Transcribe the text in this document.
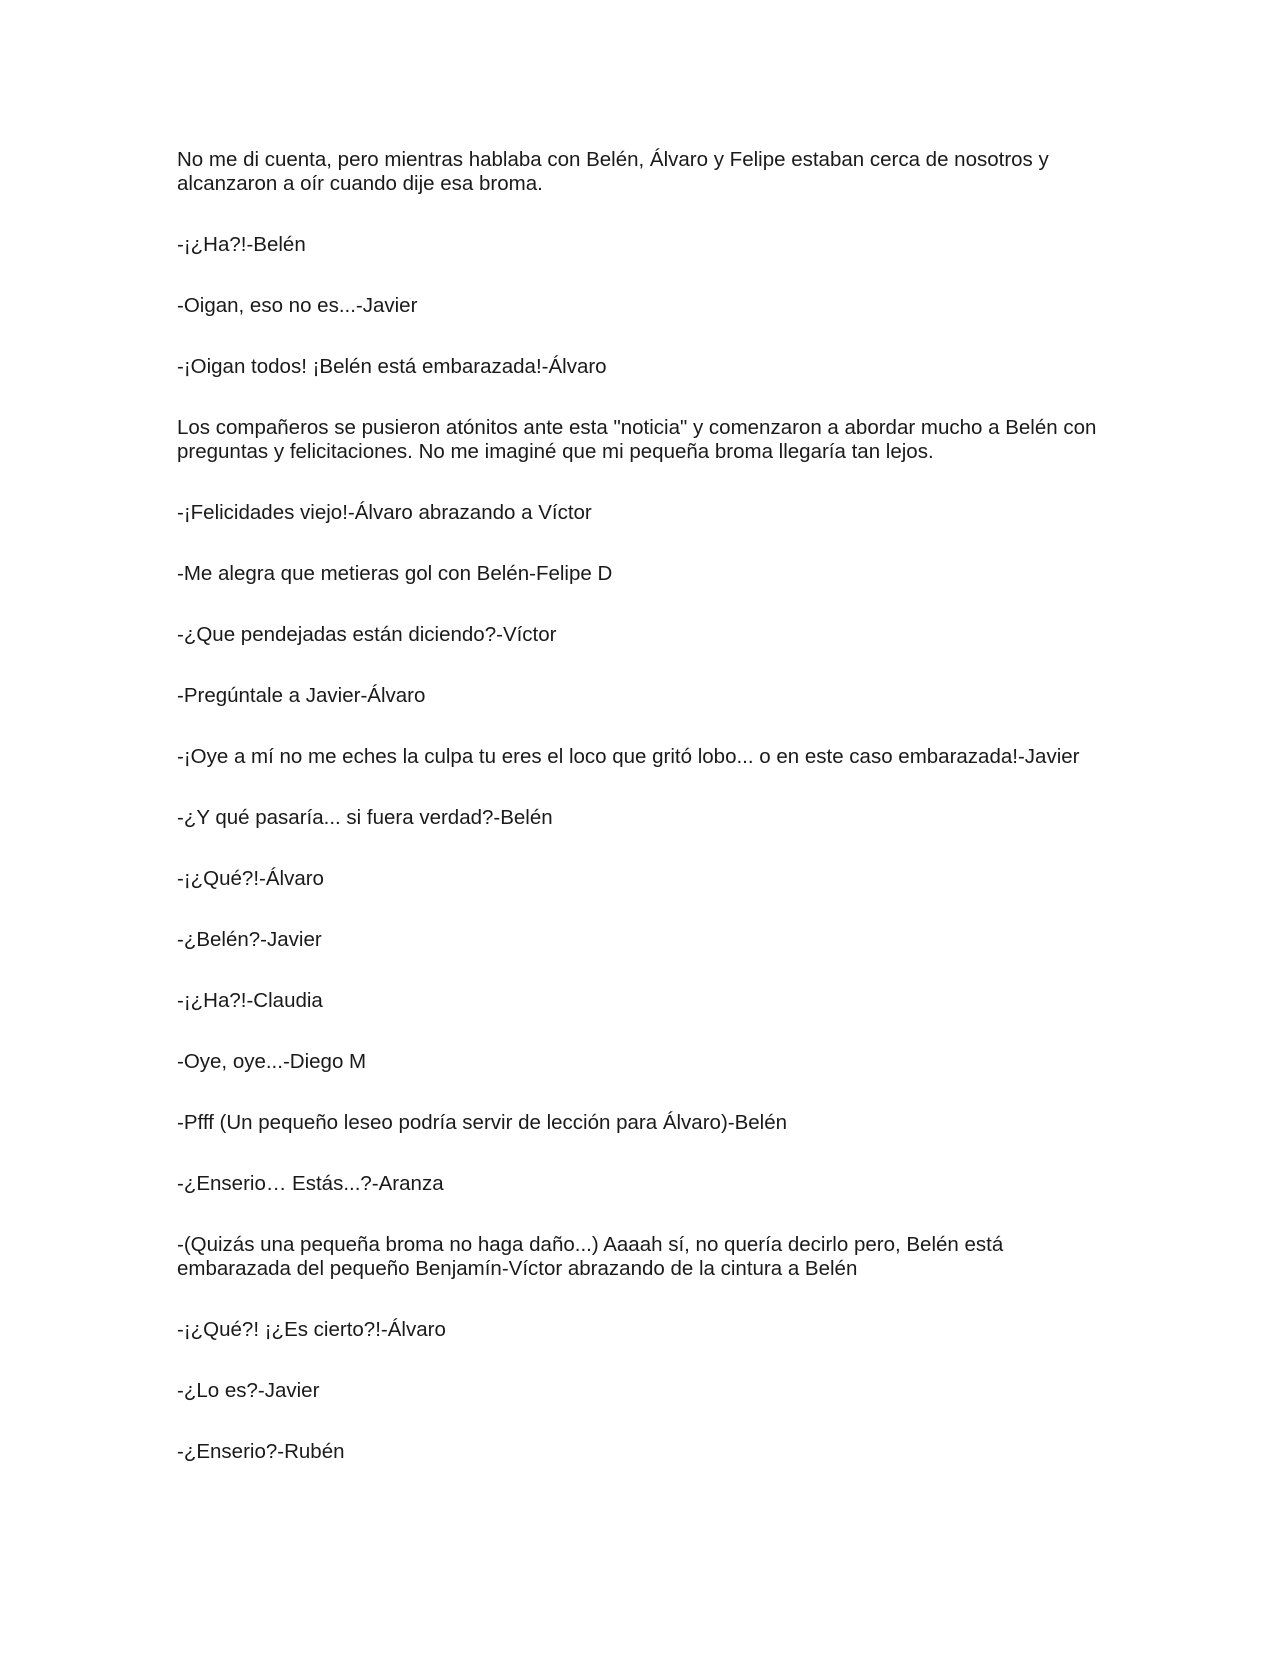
No me di cuenta, pero mientras hablaba con Belén, Álvaro y Felipe estaban cerca de nosotros y alcanzaron a oír cuando dije esa broma.

-¡¿Ha?!-Belén

-Oigan, eso no es...-Javier

-¡Oigan todos! ¡Belén está embarazada!-Álvaro

Los compañeros se pusieron atónitos ante esta "noticia" y comenzaron a abordar mucho a Belén con preguntas y felicitaciones. No me imaginé que mi pequeña broma llegaría tan lejos.

-¡Felicidades viejo!-Álvaro abrazando a Víctor

-Me alegra que metieras gol con Belén-Felipe D

-¿Que pendejadas están diciendo?-Víctor

-Pregúntale a Javier-Álvaro

-¡Oye a mí no me eches la culpa tu eres el loco que gritó lobo... o en este caso embarazada!-Javier

-¿Y qué pasaría... si fuera verdad?-Belén

-¡¿Qué?!-Álvaro

-¿Belén?-Javier

-¡¿Ha?!-Claudia

-Oye, oye...-Diego M

-Pfff (Un pequeño leseo podría servir de lección para Álvaro)-Belén

-¿Enserio… Estás...?-Aranza

-(Quizás una pequeña broma no haga daño...) Aaaah sí, no quería decirlo pero, Belén está embarazada del pequeño Benjamín-Víctor abrazando de la cintura a Belén

-¡¿Qué?! ¡¿Es cierto?!-Álvaro

-¿Lo es?-Javier

-¿Enserio?-Rubén
